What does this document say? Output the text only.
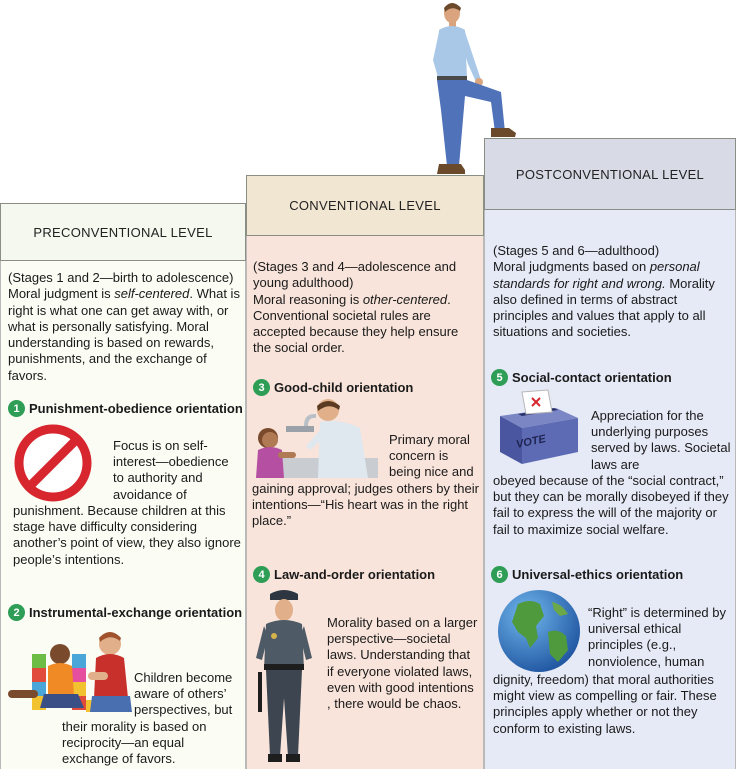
PRECONVENTIONAL LEVEL
CONVENTIONAL LEVEL
POSTCONVENTIONAL LEVEL
(Stages 1 and 2—birth to adolescence)
Moral judgment is self-centered. What is right is what one can get away with, or what is personally satisfying. Moral understanding is based on rewards, punishments, and the exchange of favors.
1 Punishment-obedience orientation
Focus is on self-interest—obedience to authority and avoidance of
punishment. Because children at this stage have difficulty considering another’s point of view, they also ignore people’s intentions.
2 Instrumental-exchange orientation
Children become aware of others’ perspectives, but
their morality is based on reciprocity—an equal exchange of favors.
(Stages 3 and 4—adolescence and young adulthood)
Moral reasoning is other-centered. Conventional societal rules are accepted because they help ensure the social order.
3 Good-child orientation
Primary moral concern is being nice and
gaining approval; judges others by their intentions—“His heart was in the right place.”
4 Law-and-order orientation
Morality based on a larger perspective—societal laws. Understanding that if everyone violated laws, even with good intentions , there would be chaos.
(Stages 5 and 6—adulthood)
Moral judgments based on personal standards for right and wrong. Morality also defined in terms of abstract principles and values that apply to all situations and societies.
5 Social-contact orientation
VOTE
Appreciation for the underlying purposes served by laws. Societal laws are
obeyed because of the “social contract,” but they can be morally disobeyed if they fail to express the will of the majority or fail to maximize social welfare.
6 Universal-ethics orientation
“Right” is determined by universal ethical principles (e.g., nonviolence, human
dignity, freedom) that moral authorities might view as compelling or fair. These principles apply whether or not they conform to existing laws.
